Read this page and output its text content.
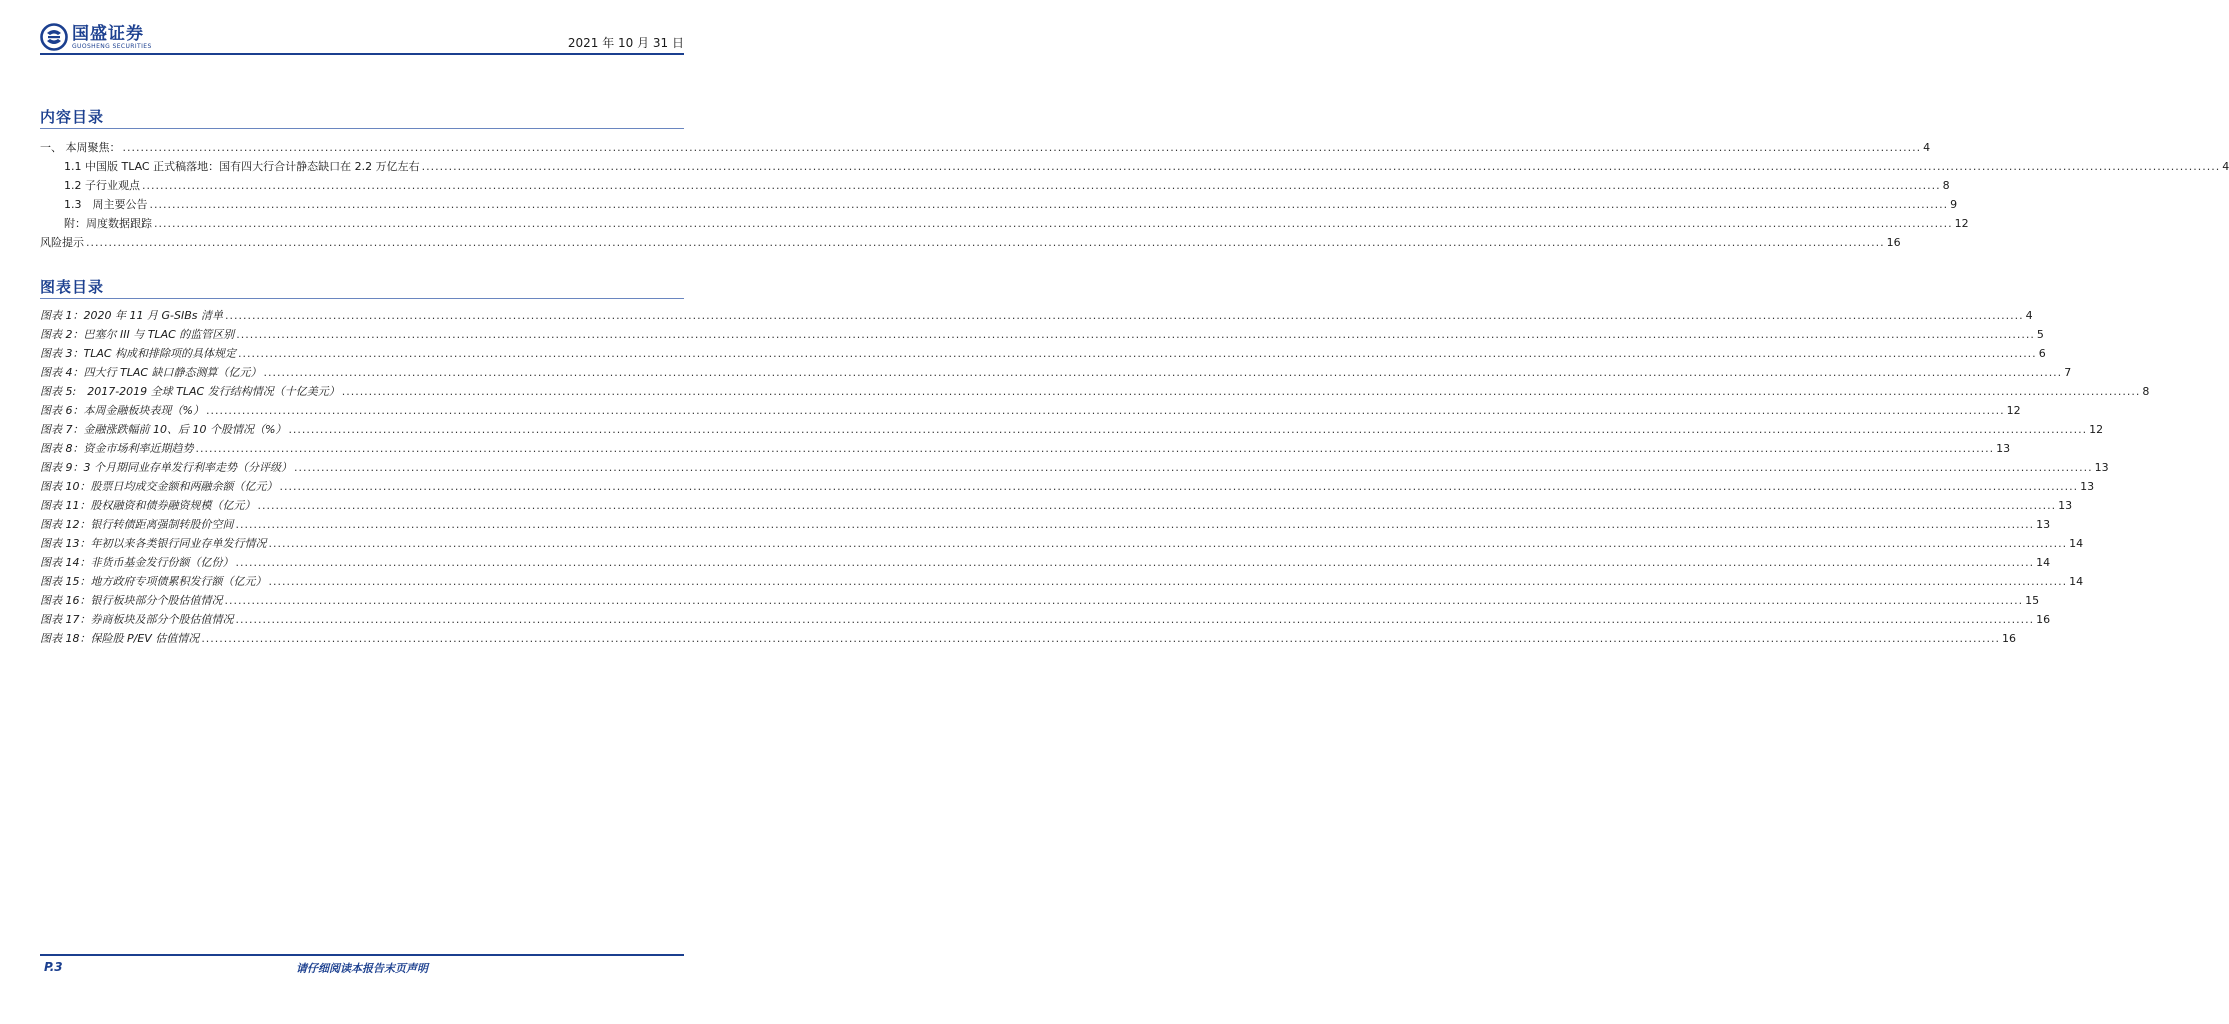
国盛证券
GUOSHENG SECURITIES	2021 年 10 月 31 日
内容目录
一、 本周聚焦： ................................................................................................................................................................................................................................................................................................................................................................................................................ 4
1.1 中国版 TLAC 正式稿落地：国有四大行合计静态缺口在 2.2 万亿左右 ................................................................................................................................................................................................................................................................................................................................................................................................................ 4
1.2 子行业观点 ................................................................................................................................................................................................................................................................................................................................................................................................................ 8
1.3　周主要公告 ................................................................................................................................................................................................................................................................................................................................................................................................................ 9
附：周度数据跟踪 ................................................................................................................................................................................................................................................................................................................................................................................................................ 12
风险提示 ................................................................................................................................................................................................................................................................................................................................................................................................................ 16
图表目录
图表 1：2020 年 11 月 G-SIBs 清单 ................................................................................................................................................................................................................................................................................................................................................................................................................ 4
图表 2：巴塞尔 III 与 TLAC 的监管区别 ................................................................................................................................................................................................................................................................................................................................................................................................................ 5
图表 3：TLAC 构成和排除项的具体规定 ................................................................................................................................................................................................................................................................................................................................................................................................................ 6
图表 4：四大行 TLAC 缺口静态测算（亿元） ................................................................................................................................................................................................................................................................................................................................................................................................................ 7
图表 5:　2017-2019 全球 TLAC 发行结构情况（十亿美元） ................................................................................................................................................................................................................................................................................................................................................................................................................ 8
图表 6：本周金融板块表现（%） ................................................................................................................................................................................................................................................................................................................................................................................................................ 12
图表 7：金融涨跌幅前 10、后 10 个股情况（%） ................................................................................................................................................................................................................................................................................................................................................................................................................ 12
图表 8：资金市场利率近期趋势 ................................................................................................................................................................................................................................................................................................................................................................................................................ 13
图表 9：3 个月期同业存单发行利率走势（分评级） ................................................................................................................................................................................................................................................................................................................................................................................................................ 13
图表 10：股票日均成交金额和两融余额（亿元） ................................................................................................................................................................................................................................................................................................................................................................................................................ 13
图表 11：股权融资和债券融资规模（亿元） ................................................................................................................................................................................................................................................................................................................................................................................................................ 13
图表 12：银行转债距离强制转股价空间 ................................................................................................................................................................................................................................................................................................................................................................................................................ 13
图表 13：年初以来各类银行同业存单发行情况 ................................................................................................................................................................................................................................................................................................................................................................................................................ 14
图表 14：非货币基金发行份额（亿份） ................................................................................................................................................................................................................................................................................................................................................................................................................ 14
图表 15：地方政府专项债累积发行额（亿元） ................................................................................................................................................................................................................................................................................................................................................................................................................ 14
图表 16：银行板块部分个股估值情况 ................................................................................................................................................................................................................................................................................................................................................................................................................ 15
图表 17：券商板块及部分个股估值情况 ................................................................................................................................................................................................................................................................................................................................................................................................................ 16
图表 18：保险股 P/EV 估值情况 ................................................................................................................................................................................................................................................................................................................................................................................................................ 16
请仔细阅读本报告末页声明
P.3
